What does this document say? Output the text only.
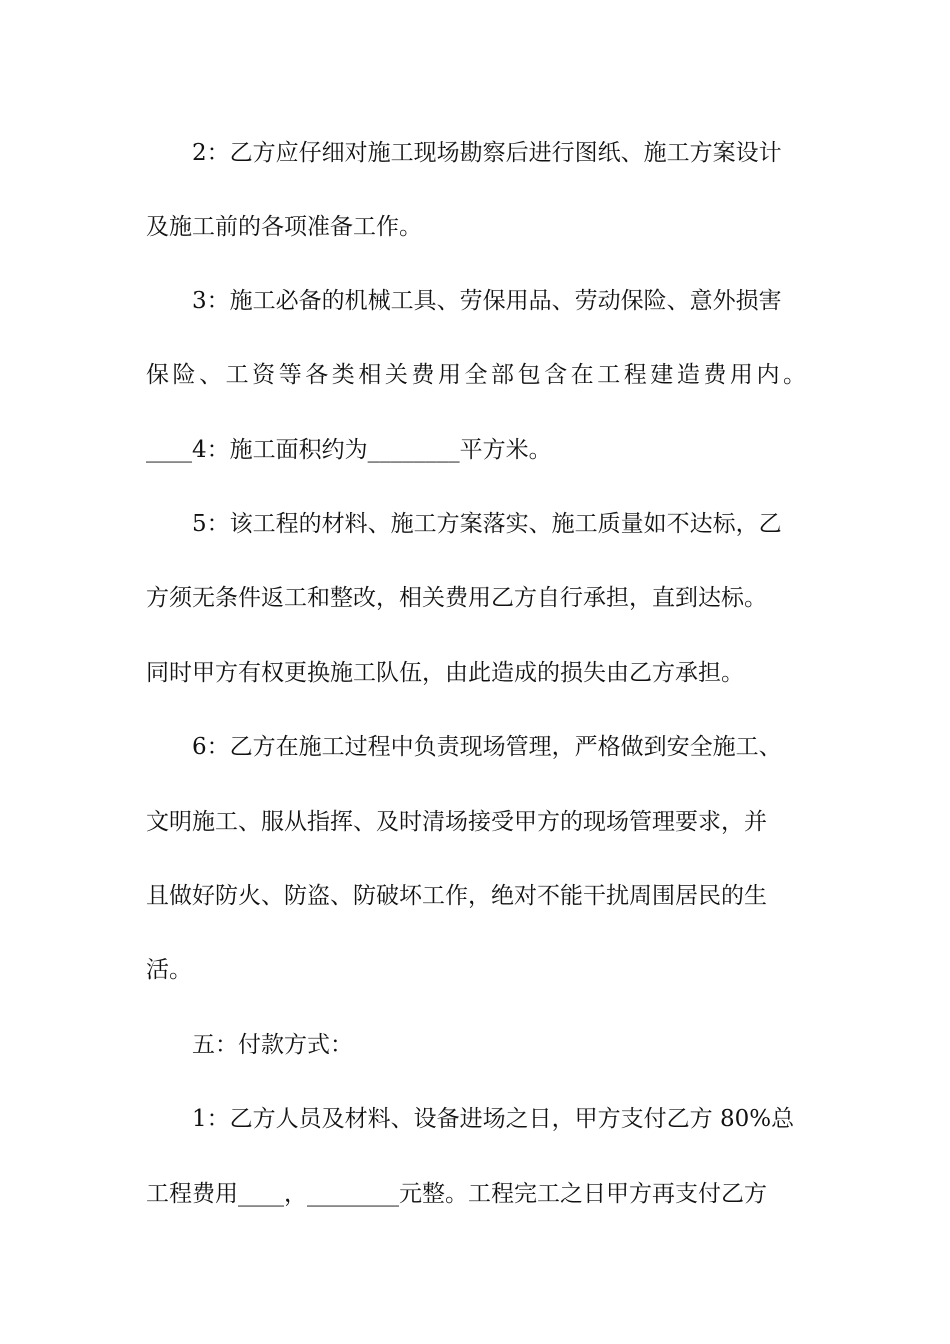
2：乙方应仔细对施工现场勘察后进行图纸、施工方案设计
及施工前的各项准备工作。
3：施工必备的机械工具、劳保用品、劳动保险、意外损害
保险、工资等各类相关费用全部包含在工程建造费用内。
____4：施工面积约为________平方米。
5：该工程的材料、施工方案落实、施工质量如不达标，乙
方须无条件返工和整改，相关费用乙方自行承担，直到达标。
同时甲方有权更换施工队伍，由此造成的损失由乙方承担。
6：乙方在施工过程中负责现场管理，严格做到安全施工、
文明施工、服从指挥、及时清场接受甲方的现场管理要求，并
且做好防火、防盗、防破坏工作，绝对不能干扰周围居民的生
活。
五：付款方式：
1：乙方人员及材料、设备进场之日，甲方支付乙方 80%总
工程费用____，________元整。工程完工之日甲方再支付乙方
